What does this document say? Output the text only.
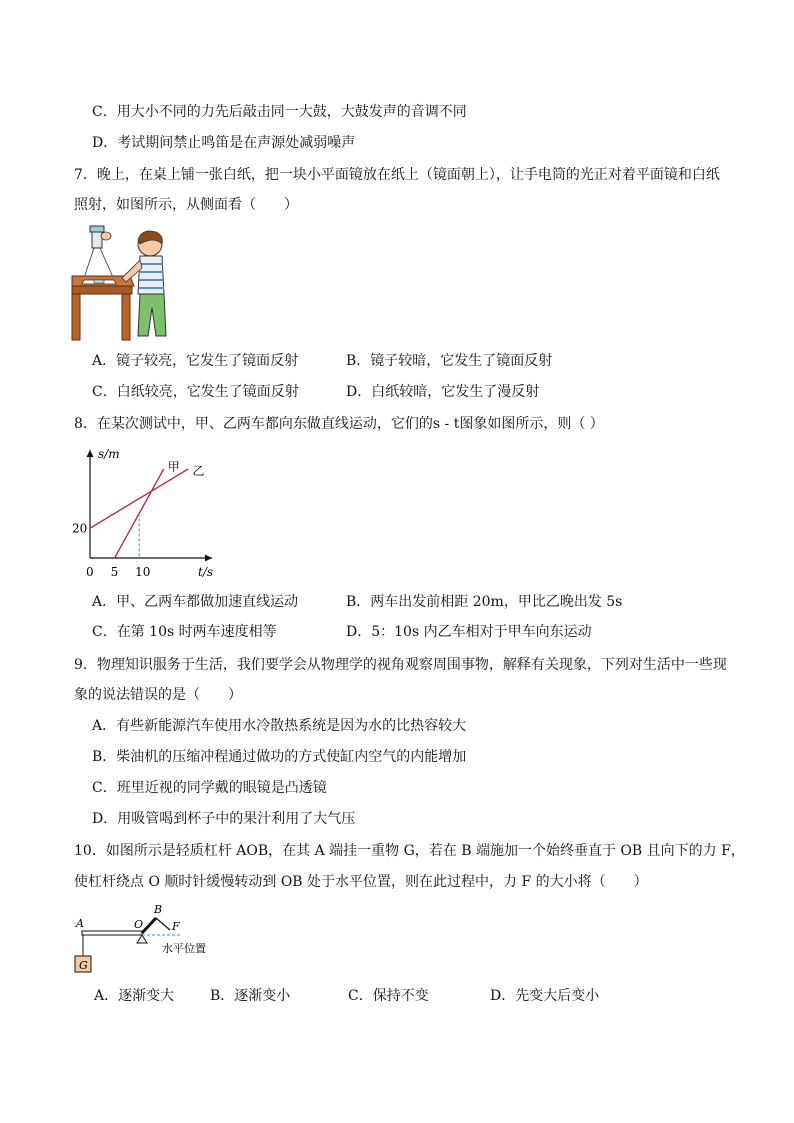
C．用大小不同的力先后敲击同一大鼓，大鼓发声的音调不同
D．考试期间禁止鸣笛是在声源处减弱噪声
7．晚上，在桌上铺一张白纸，把一块小平面镜放在纸上（镜面朝上），让手电筒的光正对着平面镜和白纸
照射，如图所示，从侧面看（　　）
A．镜子较亮，它发生了镜面反射	B．镜子较暗，它发生了镜面反射
C．白纸较亮，它发生了镜面反射	D．白纸较暗，它发生了漫反射
8．在某次测试中，甲、乙两车都向东做直线运动，它们的s - t图象如图所示，则（ ）
s/m
t/s
甲 乙
0 5 10
20
A．甲、乙两车都做加速直线运动	B．两车出发前相距 20m，甲比乙晚出发 5s
C．在第 10s 时两车速度相等	D．5：10s 内乙车相对于甲车向东运动
9．物理知识服务于生活，我们要学会从物理学的视角观察周围事物，解释有关现象，下列对生活中一些现
象的说法错误的是（　　）
A．有些新能源汽车使用水冷散热系统是因为水的比热容较大
B．柴油机的压缩冲程通过做功的方式使缸内空气的内能增加
C．班里近视的同学戴的眼镜是凸透镜
D．用吸管喝到杯子中的果汁利用了大气压
10．如图所示是轻质杠杆 AOB，在其 A 端挂一重物 G，若在 B 端施加一个始终垂直于 OB 且向下的力 F，
使杠杆绕点 O 顺时针缓慢转动到 OB 处于水平位置，则在此过程中，力 F 的大小将（　　）
G
A	O
B
F
水平位置
A．逐渐变大	B．逐渐变小	C．保持不变	D．先变大后变小
